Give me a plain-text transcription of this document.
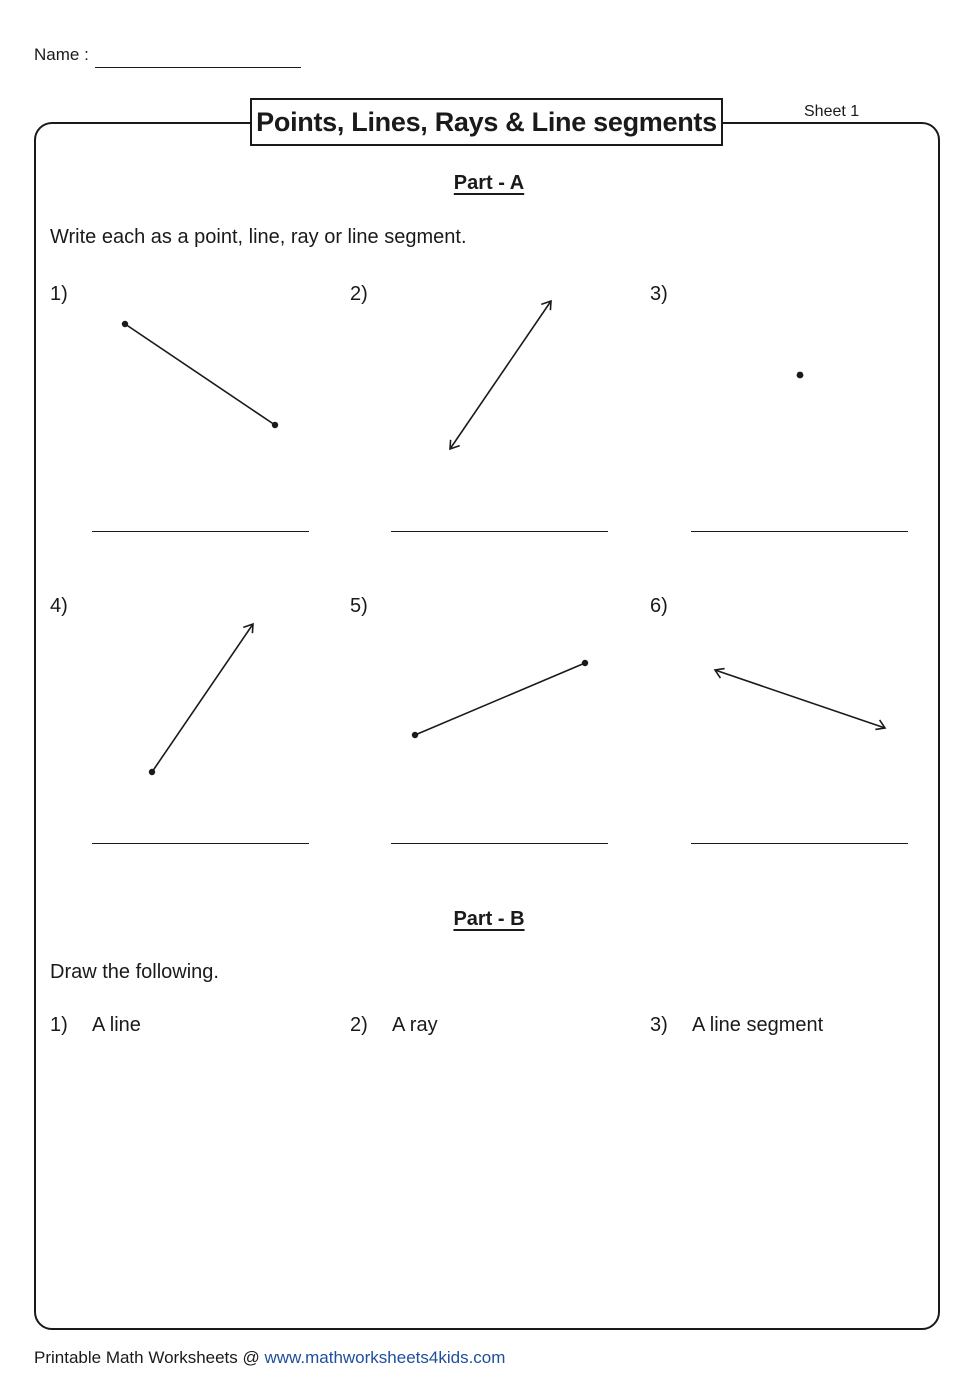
Name :
Points, Lines, Rays & Line segments	Sheet 1
Part - A
Write each as a point, line, ray or line segment.
1)	2)	3)
4)	5)	6)
Part - B
Draw the following.
1) A line	2) A ray	3) A line segment
Printable Math Worksheets @ www.mathworksheets4kids.com
